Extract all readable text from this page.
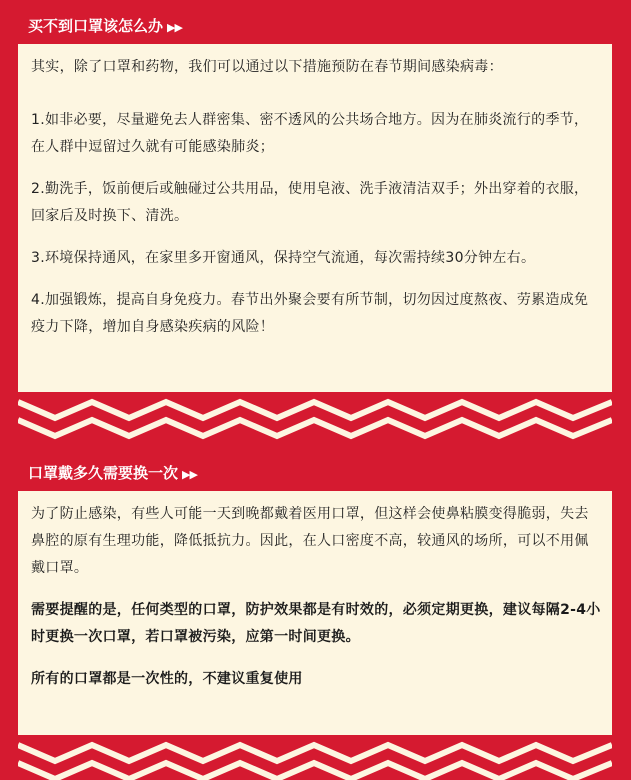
买不到口罩该怎么办 ▶▶

其实，除了口罩和药物，我们可以通过以下措施预防在春节期间感染病毒：

1.如非必要，尽量避免去人群密集、密不透风的公共场合地方。因为在肺炎流行的季节，在人群中逗留过久就有可能感染肺炎；

2.勤洗手，饭前便后或触碰过公共用品，使用皂液、洗手液清洁双手；外出穿着的衣服，回家后及时换下、清洗。

3.环境保持通风，在家里多开窗通风，保持空气流通，每次需持续30分钟左右。

4.加强锻炼，提高自身免疫力。春节出外聚会要有所节制，切勿因过度熬夜、劳累造成免疫力下降，增加自身感染疾病的风险！

口罩戴多久需要换一次 ▶▶

为了防止感染，有些人可能一天到晚都戴着医用口罩，但这样会使鼻粘膜变得脆弱，失去鼻腔的原有生理功能，降低抵抗力。因此，在人口密度不高，较通风的场所，可以不用佩戴口罩。

需要提醒的是，任何类型的口罩，防护效果都是有时效的，必须定期更换，建议每隔2-4小时更换一次口罩，若口罩被污染，应第一时间更换。

所有的口罩都是一次性的，不建议重复使用
